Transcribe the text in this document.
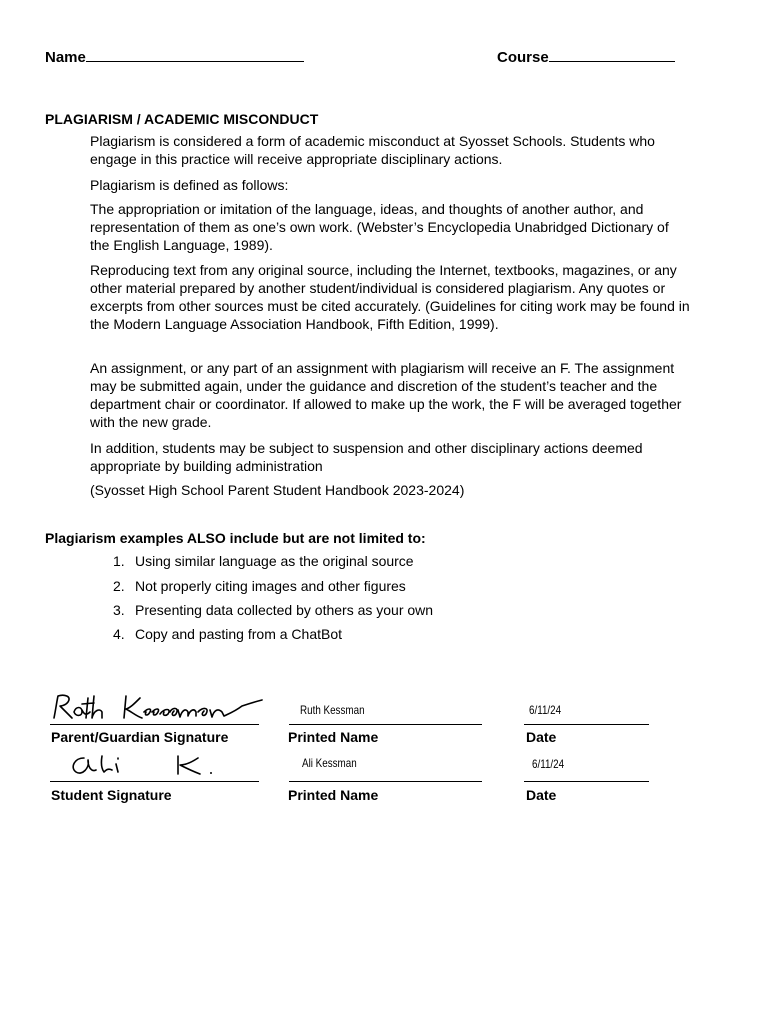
Name	Course
PLAGIARISM / ACADEMIC MISCONDUCT

Plagiarism is considered a form of academic misconduct at Syosset Schools. Students who engage in this practice will receive appropriate disciplinary actions.

Plagiarism is defined as follows:

The appropriation or imitation of the language, ideas, and thoughts of another author, and representation of them as one’s own work. (Webster’s Encyclopedia Unabridged Dictionary of the English Language, 1989).

Reproducing text from any original source, including the Internet, textbooks, magazines, or any other material prepared by another student/individual is considered plagiarism. Any quotes or excerpts from other sources must be cited accurately. (Guidelines for citing work may be found in the Modern Language Association Handbook, Fifth Edition, 1999).

An assignment, or any part of an assignment with plagiarism will receive an F. The assignment may be submitted again, under the guidance and discretion of the student’s teacher and the department chair or coordinator. If allowed to make up the work, the F will be averaged together with the new grade.

In addition, students may be subject to suspension and other disciplinary actions deemed appropriate by building administration

(Syosset High School Parent Student Handbook 2023-2024)

Plagiarism examples ALSO include but are not limited to:
1. Using similar language as the original source
2. Not properly citing images and other figures
3. Presenting data collected by others as your own
4. Copy and pasting from a ChatBot
Parent/Guardian Signature
Ruth Kessman
Printed Name
6/11/24
Date
Student Signature
Ali Kessman
Printed Name
6/11/24
Date
